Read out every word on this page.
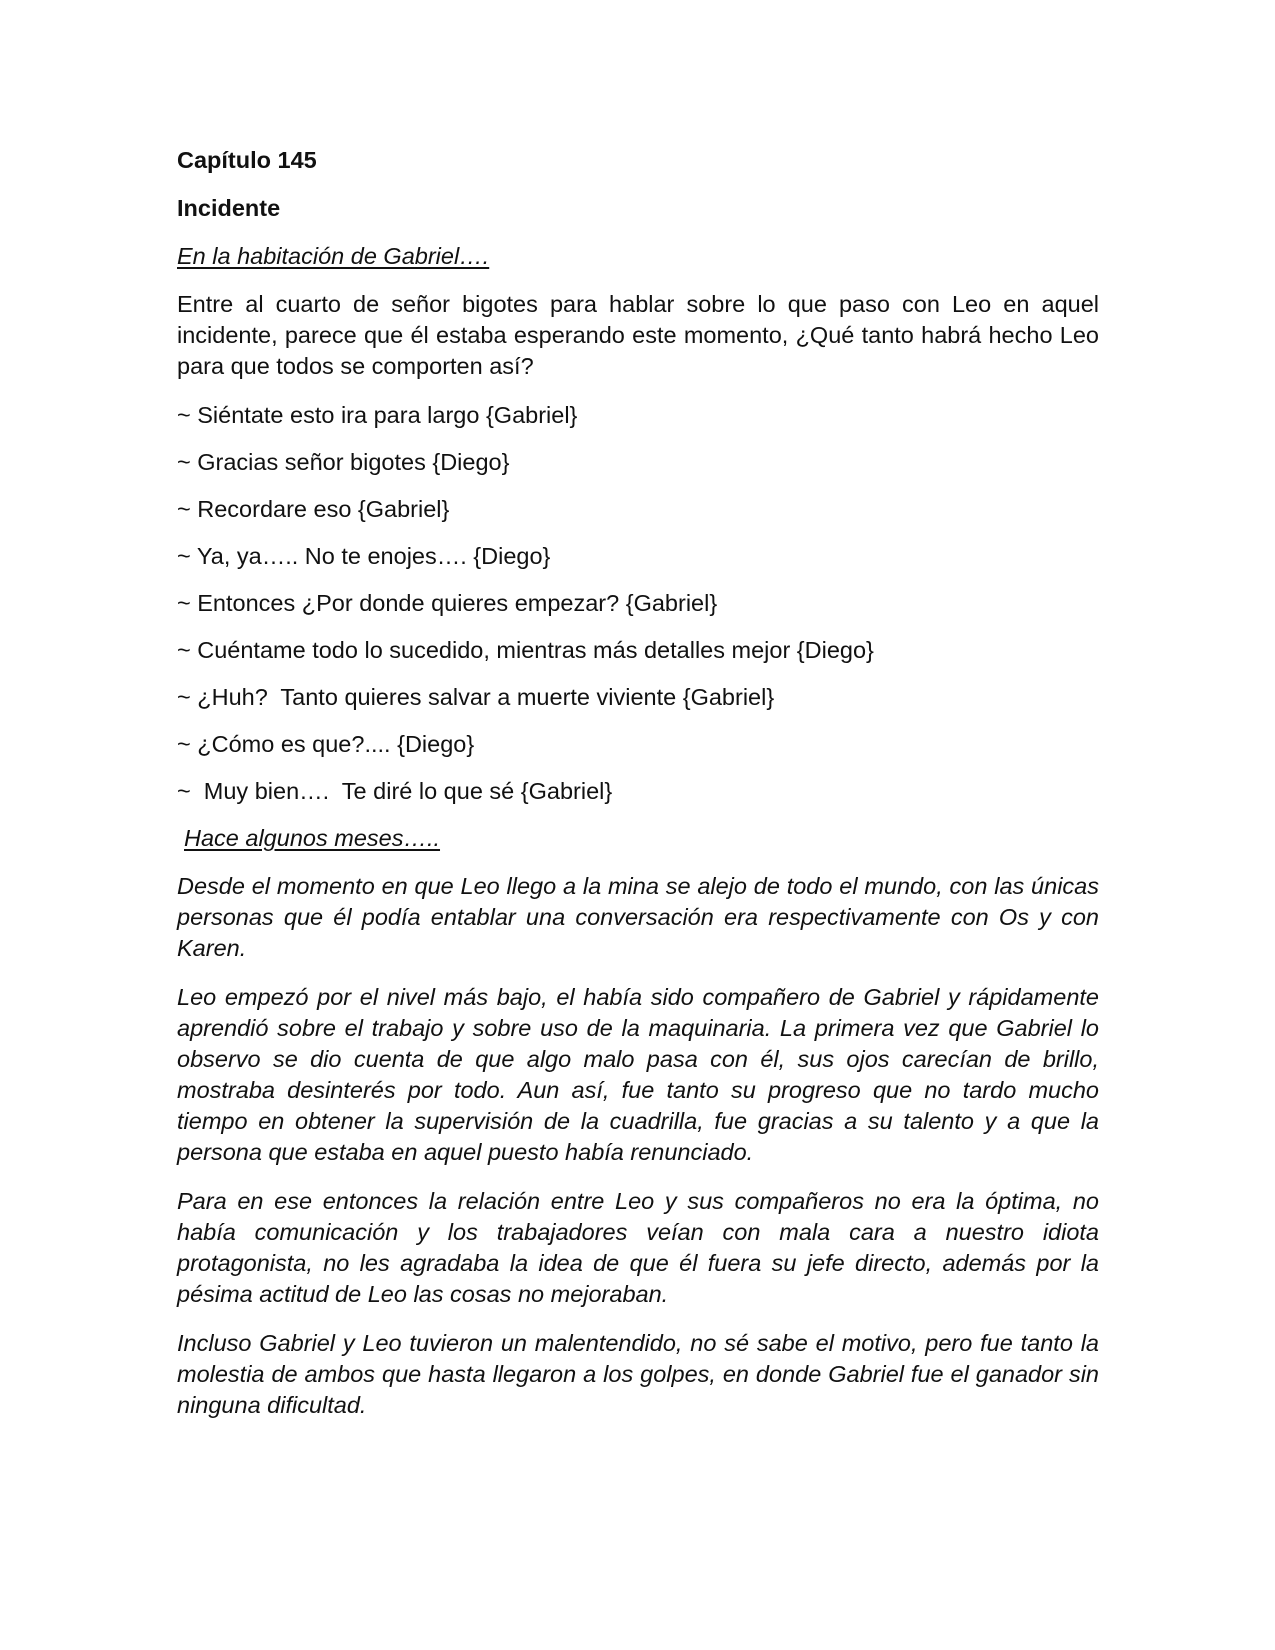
Capítulo 145
Incidente
En la habitación de Gabriel….

Entre al cuarto de señor bigotes para hablar sobre lo que paso con Leo en aquel incidente, parece que él estaba esperando este momento, ¿Qué tanto habrá hecho Leo para que todos se comporten así?

~ Siéntate esto ira para largo {Gabriel}
~ Gracias señor bigotes {Diego}
~ Recordare eso {Gabriel}
~ Ya, ya….. No te enojes…. {Diego}
~ Entonces ¿Por donde quieres empezar? {Gabriel}
~ Cuéntame todo lo sucedido, mientras más detalles mejor {Diego}
~ ¿Huh?  Tanto quieres salvar a muerte viviente {Gabriel}
~ ¿Cómo es que?.... {Diego}
~  Muy bien….  Te diré lo que sé {Gabriel}
Hace algunos meses…..

Desde el momento en que Leo llego a la mina se alejo de todo el mundo, con las únicas personas que él podía entablar una conversación era respectivamente con Os y con Karen.

Leo empezó por el nivel más bajo, el había sido compañero de Gabriel y rápidamente aprendió sobre el trabajo y sobre uso de la maquinaria. La primera vez que Gabriel lo observo se dio cuenta de que algo malo pasa con él, sus ojos carecían de brillo, mostraba desinterés por todo. Aun así, fue tanto su progreso que no tardo mucho tiempo en obtener la supervisión de la cuadrilla, fue gracias a su talento y a que la persona que estaba en aquel puesto había renunciado.

Para en ese entonces la relación entre Leo y sus compañeros no era la óptima, no había comunicación y los trabajadores veían con mala cara a nuestro idiota protagonista, no les agradaba la idea de que él fuera su jefe directo, además por la pésima actitud de Leo las cosas no mejoraban.

Incluso Gabriel y Leo tuvieron un malentendido, no sé sabe el motivo, pero fue tanto la molestia de ambos que hasta llegaron a los golpes, en donde Gabriel fue el ganador sin ninguna dificultad.
